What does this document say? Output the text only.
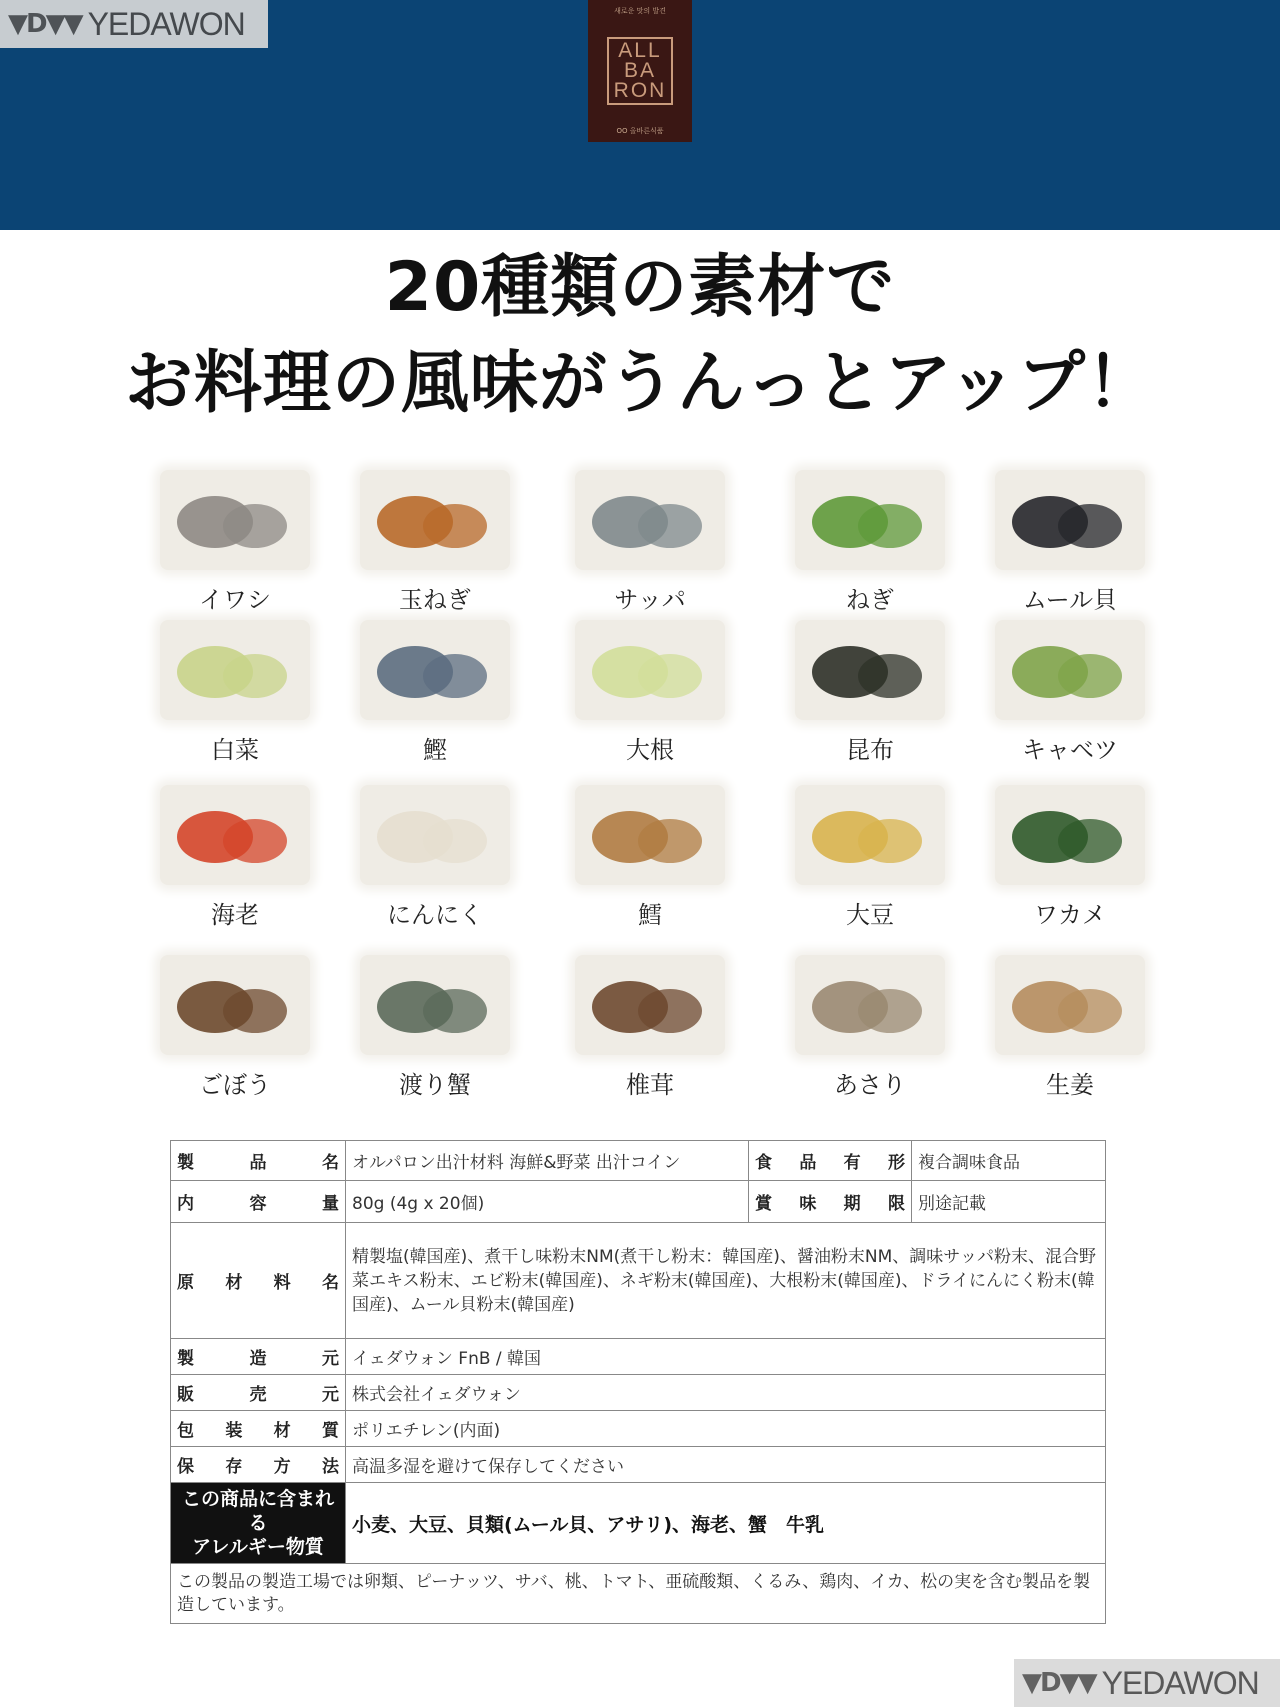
▼D▼▼ YEDAWON	새로운 맛의 발견
ALL
BA
RON
OO 올바른식품
20種類の素材で
お料理の風味がうんっとアップ！
イワシ	玉ねぎ	サッパ	ねぎ	ムール貝
白菜	鰹	大根	昆布	キャベツ
海老	にんにく	鱈	大豆	ワカメ
ごぼう	渡り蟹	椎茸	あさり	生姜
製 品 名	オルパロン出汁材料 海鮮&野菜 出汁コイン	食 品 有 形	複合調味食品

内 容 量	80g (4g x 20個)	賞 味 期 限	別途記載

原 材 料 名	精製塩(韓国産)、煮干し味粉末NM(煮干し粉末：韓国産)、醤油粉末NM、調味サッパ粉末、混合野菜エキス粉末、エビ粉末(韓国産)、ネギ粉末(韓国産)、大根粉末(韓国産)、ドライにんにく粉末(韓国産)、ムール貝粉末(韓国産)		

製 造 元	イェダウォン FnB / 韓国		

販 売 元	株式会社イェダウォン		

包 装 材 質	ポリエチレン(内面)		

保 存 方 法	高温多湿を避けて保存してください		

この商品に含まれる
アレルギー物質	小麦、大豆、貝類(ムール貝、アサリ)、海老、蟹　牛乳		
この製品の製造工場では卵類、ピーナッツ、サバ、桃、トマト、亜硫酸類、くるみ、鶏肉、イカ、松の実を含む製品を製造しています。			
▼D▼▼ YEDAWON
